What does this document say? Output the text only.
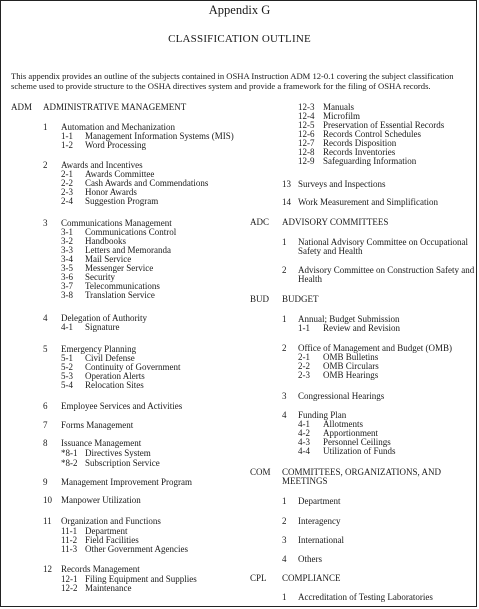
Appendix G
CLASSIFICATION OUTLINE
This appendix provides an outline of the subjects contained in OSHA Instruction ADM 12-0.1 covering the subject classification scheme used to provide structure to the OSHA directives system and provide a framework for the filing of OSHA records.
ADM ADMINISTRATIVE MANAGEMENT
1 Automation and Mechanization
1-1 Management Information Systems (MIS)
1-2 Word Processing
2 Awards and Incentives
2-1 Awards Committee
2-2 Cash Awards and Commendations
2-3 Honor Awards
2-4 Suggestion Program
3 Communications Management
3-1 Communications Control
3-2 Handbooks
3-3 Letters and Memoranda
3-4 Mail Service
3-5 Messenger Service
3-6 Security
3-7 Telecommunications
3-8 Translation Service
4 Delegation of Authority
4-1 Signature
5 Emergency Planning
5-1 Civil Defense
5-2 Continuity of Government
5-3 Operation Alerts
5-4 Relocation Sites
6 Employee Services and Activities
7 Forms Management
8 Issuance Management
*8-1 Directives System
*8-2 Subscription Service
9 Management Improvement Program
10 Manpower Utilization
11 Organization and Functions
11-1 Department
11-2 Field Facilities
11-3 Other Government Agencies
12 Records Management
12-1 Filing Equipment and Supplies
12-2 Maintenance
12-3 Manuals
12-4 Microfilm
12-5 Preservation of Essential Records
12-6 Records Control Schedules
12-7 Records Disposition
12-8 Records Inventories
12-9 Safeguarding Information
13 Surveys and Inspections
14 Work Measurement and Simplification
ADC ADVISORY COMMITTEES
1 National Advisory Committee on Occupational
Safety and Health
2 Advisory Committee on Construction Safety and
Health
BUD BUDGET
1 Annual; Budget Submission
1-1 Review and Revision
2 Office of Management and Budget (OMB)
2-1 OMB Bulletins
2-2 OMB Circulars
2-3 OMB Hearings
3 Congressional Hearings
4 Funding Plan
4-1 Allotments
4-2 Apportionment
4-3 Personnel Ceilings
4-4 Utilization of Funds
COM COMMITTEES, ORGANIZATIONS, AND
MEETINGS
1 Department
2 Interagency
3 International
4 Others
CPL COMPLIANCE
1 Accreditation of Testing Laboratories
